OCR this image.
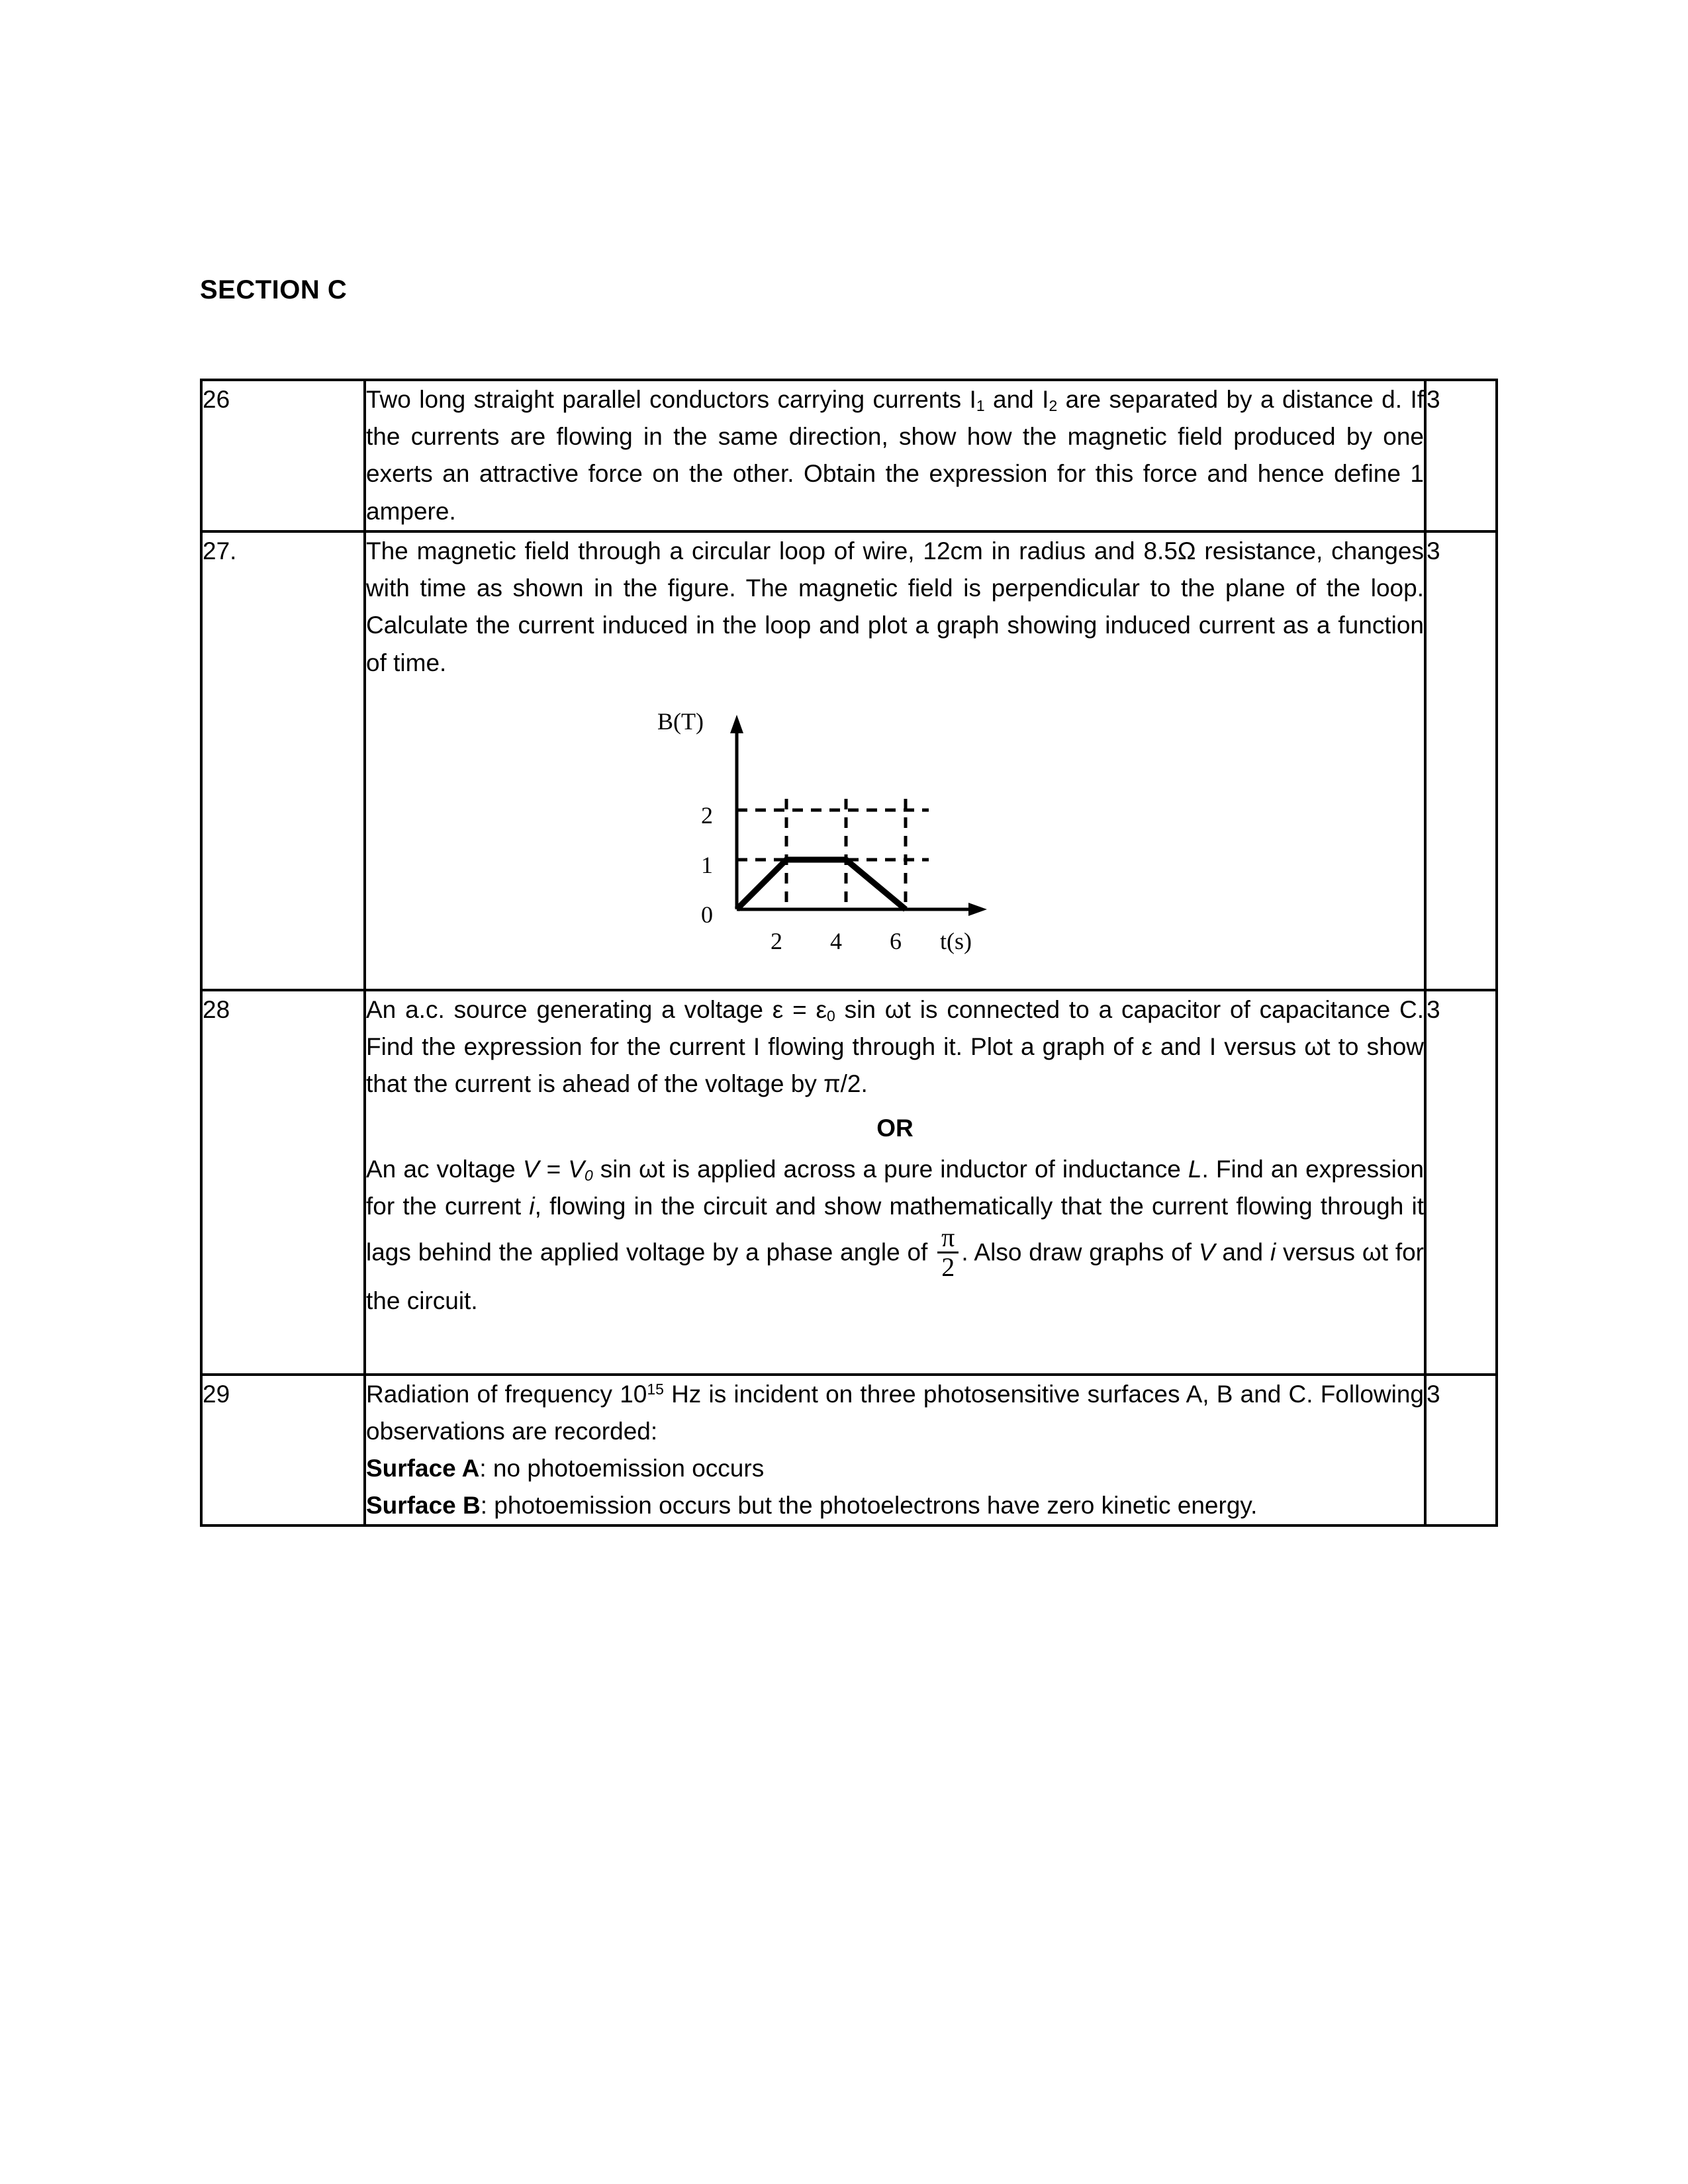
SECTION C
26	Two long straight parallel conductors carrying currents $I_1$ and $I_2$ are separated by a distance d. If the currents are flowing in the same direction, show how the magnetic field produced by one exerts an attractive force on the other. Obtain the expression for this force and hence define 1 ampere.	3
27.	The magnetic field through a circular loop of wire, 12cm in radius and 8.5Ω resistance, changes with time as shown in the figure. The magnetic field is perpendicular to the plane of the loop. Calculate the current induced in the loop and plot a graph showing induced current as a function of time.

B(T)
2
1
0
2 4 6 t(s)
	3
28	An a.c. source generating a voltage $\varepsilon = \varepsilon_0$ sin ωt is connected to a capacitor of capacitance C. Find the expression for the current I flowing through it. Plot a graph of ε and I versus ωt to show that the current is ahead of the voltage by π/2.

OR

An ac voltage $V = V_0$ sin ωt is applied across a pure inductor of inductance L. Find an expression for the current i, flowing in the circuit and show mathematically that the current flowing through it lags behind the applied voltage by a phase angle of $\frac{\pi}{2}$ . Also draw graphs of V and i versus ωt for the circuit.

	3
29	Radiation of frequency $10^{15}$ Hz is incident on three photosensitive surfaces A, B and C. Following observations are recorded:

Surface A: no photoemission occurs
Surface B: photoemission occurs but the photoelectrons have zero kinetic energy.	3
